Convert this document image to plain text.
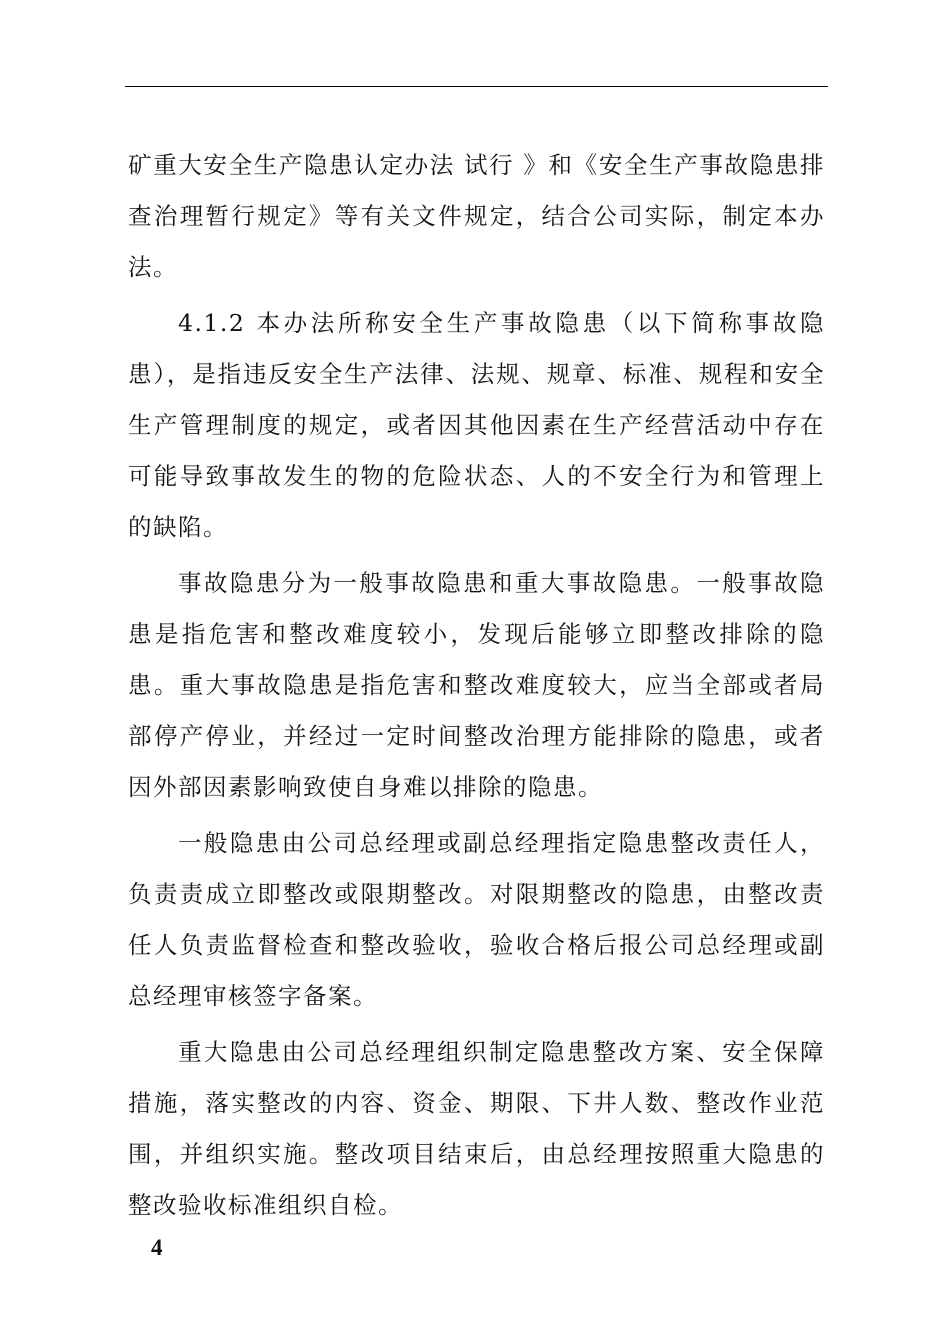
矿重大安全生产隐患认定办法 试行 》和《安全生产事故隐患排查治理暂行规定》等有关文件规定，结合公司实际，制定本办法。

4.1.2 本办法所称安全生产事故隐患（以下简称事故隐患），是指违反安全生产法律、法规、规章、标准、规程和安全生产管理制度的规定，或者因其他因素在生产经营活动中存在可能导致事故发生的物的危险状态、人的不安全行为和管理上的缺陷。

事故隐患分为一般事故隐患和重大事故隐患。一般事故隐患是指危害和整改难度较小，发现后能够立即整改排除的隐患。重大事故隐患是指危害和整改难度较大，应当全部或者局部停产停业，并经过一定时间整改治理方能排除的隐患，或者因外部因素影响致使自身难以排除的隐患。

一般隐患由公司总经理或副总经理指定隐患整改责任人，负责责成立即整改或限期整改。对限期整改的隐患，由整改责任人负责监督检查和整改验收，验收合格后报公司总经理或副总经理审核签字备案。

重大隐患由公司总经理组织制定隐患整改方案、安全保障措施，落实整改的内容、资金、期限、下井人数、整改作业范围，并组织实施。整改项目结束后，由总经理按照重大隐患的整改验收标准组织自检。

4
